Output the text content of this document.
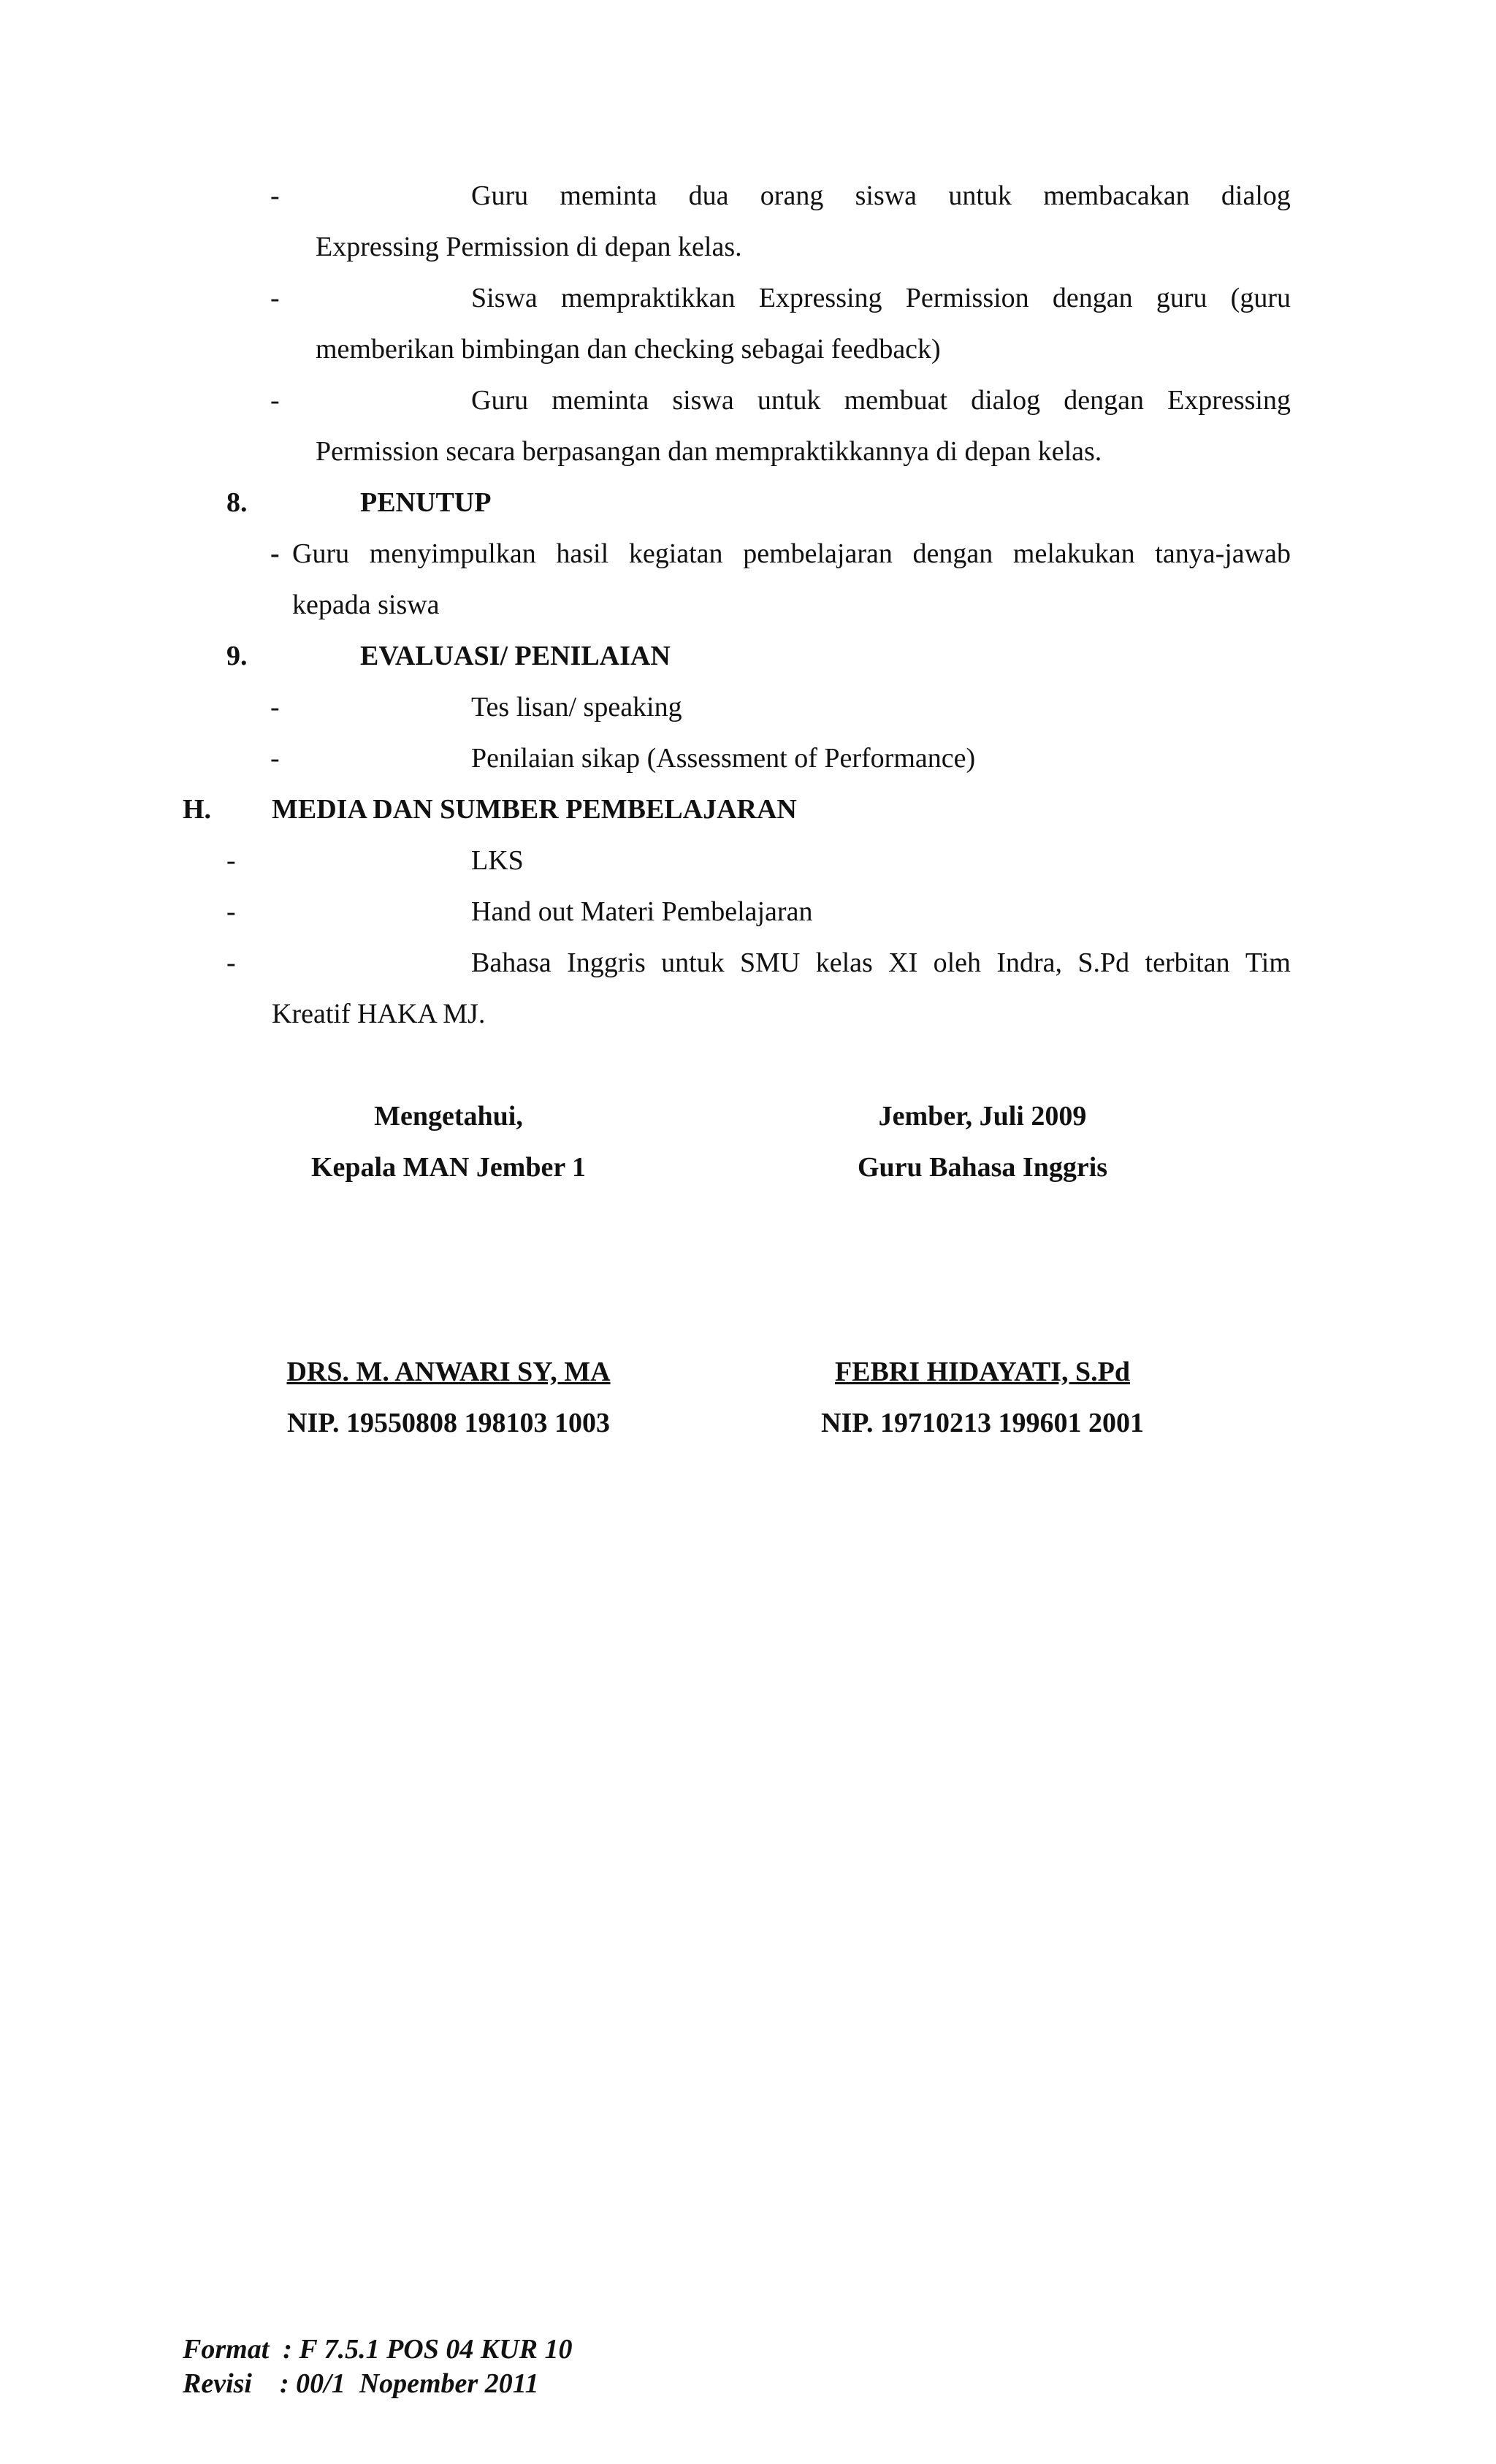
-	Guru meminta dua orang siswa untuk membacakan dialog
Expressing Permission di depan kelas.
-	Siswa mempraktikkan Expressing Permission dengan guru (guru
memberikan bimbingan dan checking sebagai feedback)
-	Guru meminta siswa untuk membuat dialog dengan Expressing
Permission secara berpasangan dan mempraktikkannya di depan kelas.
8.	PENUTUP
- Guru menyimpulkan hasil kegiatan pembelajaran dengan melakukan tanya-jawab
kepada siswa
9.	EVALUASI/ PENILAIAN
-	Tes lisan/ speaking
-	Penilaian sikap (Assessment of Performance)
H. MEDIA DAN SUMBER PEMBELAJARAN
-	LKS
-	Hand out Materi Pembelajaran
-	Bahasa Inggris untuk SMU kelas XI oleh Indra, S.Pd terbitan Tim
Kreatif HAKA MJ.
Mengetahui,
Kepala MAN Jember 1
DRS. M. ANWARI SY, MA
NIP. 19550808 198103 1003
Jember, Juli 2009
Guru Bahasa Inggris
FEBRI HIDAYATI, S.Pd
NIP. 19710213 199601 2001
Format  : F 7.5.1 POS 04 KUR 10
Revisi    : 00/1  Nopember 2011
